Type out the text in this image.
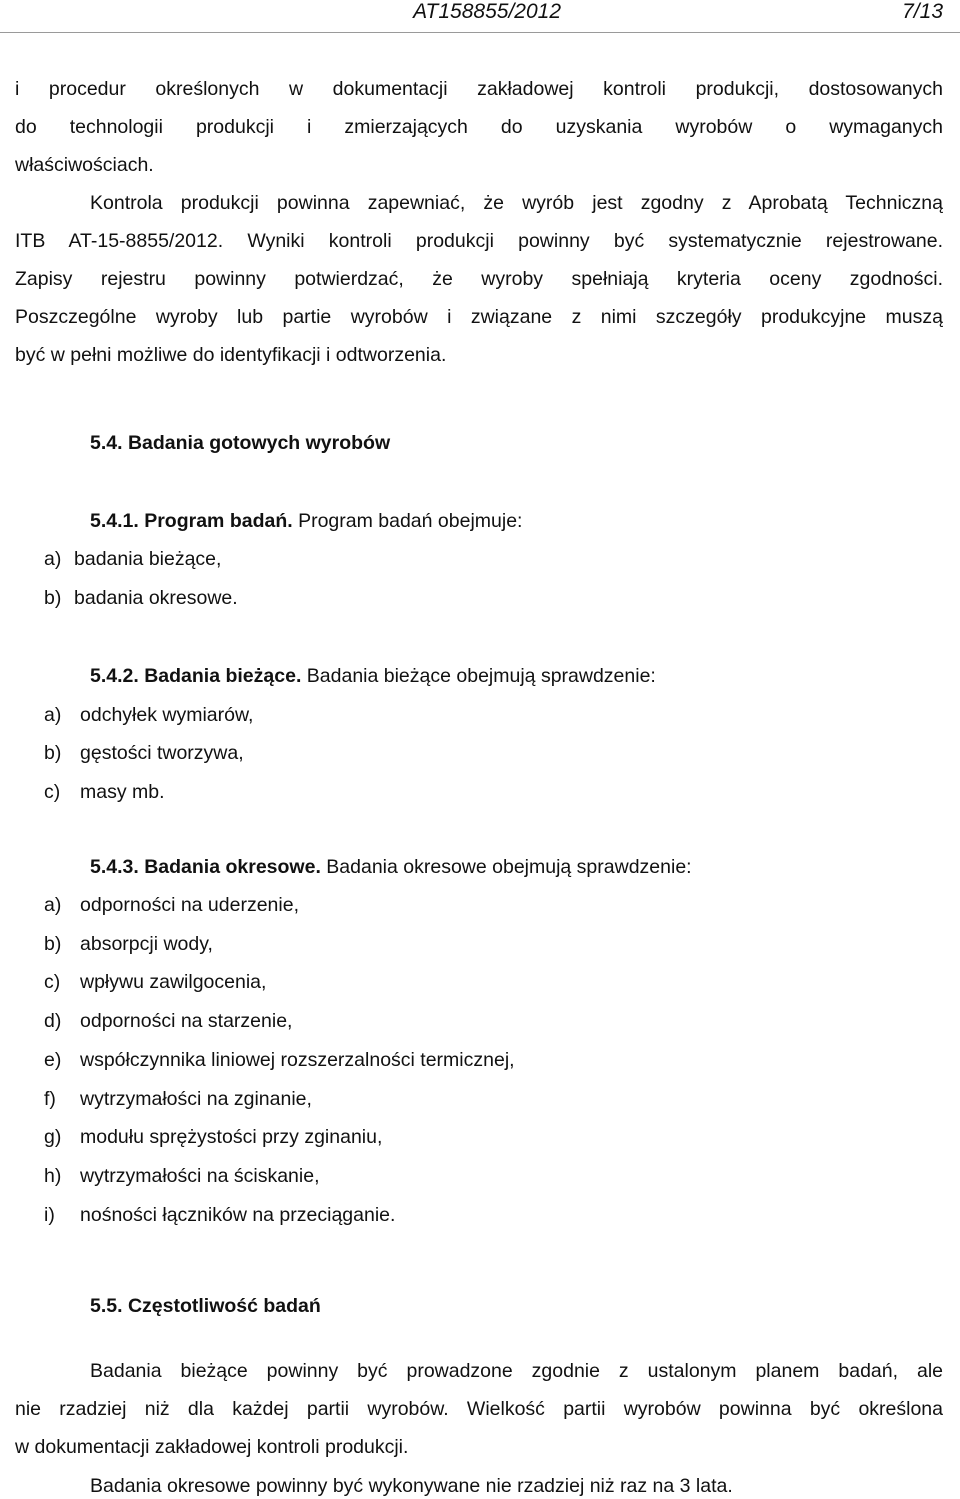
AT158855/2012	7/13
i procedur określonych w dokumentacji zakładowej kontroli produkcji, dostosowanych
do technologii produkcji i zmierzających do uzyskania wyrobów o wymaganych
właściwościach.
Kontrola produkcji powinna zapewniać, że wyrób jest zgodny z Aprobatą Techniczną
ITB AT-15-8855/2012. Wyniki kontroli produkcji powinny być systematycznie rejestrowane.
Zapisy rejestru powinny potwierdzać, że wyroby spełniają kryteria oceny zgodności.
Poszczególne wyroby lub partie wyrobów i związane z nimi szczegóły produkcyjne muszą
być w pełni możliwe do identyfikacji i odtworzenia.
5.4. Badania gotowych wyrobów
5.4.1. Program badań. Program badań obejmuje:
a) badania bieżące,
b) badania okresowe.
5.4.2. Badania bieżące. Badania bieżące obejmują sprawdzenie:
a) odchyłek wymiarów,
b) gęstości tworzywa,
c) masy mb.
5.4.3. Badania okresowe. Badania okresowe obejmują sprawdzenie:
a) odporności na uderzenie,
b) absorpcji wody,
c) wpływu zawilgocenia,
d) odporności na starzenie,
e) współczynnika liniowej rozszerzalności termicznej,
f) wytrzymałości na zginanie,
g) modułu sprężystości przy zginaniu,
h) wytrzymałości na ściskanie,
i) nośności łączników na przeciąganie.
5.5. Częstotliwość badań
Badania bieżące powinny być prowadzone zgodnie z ustalonym planem badań, ale
nie rzadziej niż dla każdej partii wyrobów. Wielkość partii wyrobów powinna być określona
w dokumentacji zakładowej kontroli produkcji.
Badania okresowe powinny być wykonywane nie rzadziej niż raz na 3 lata.
